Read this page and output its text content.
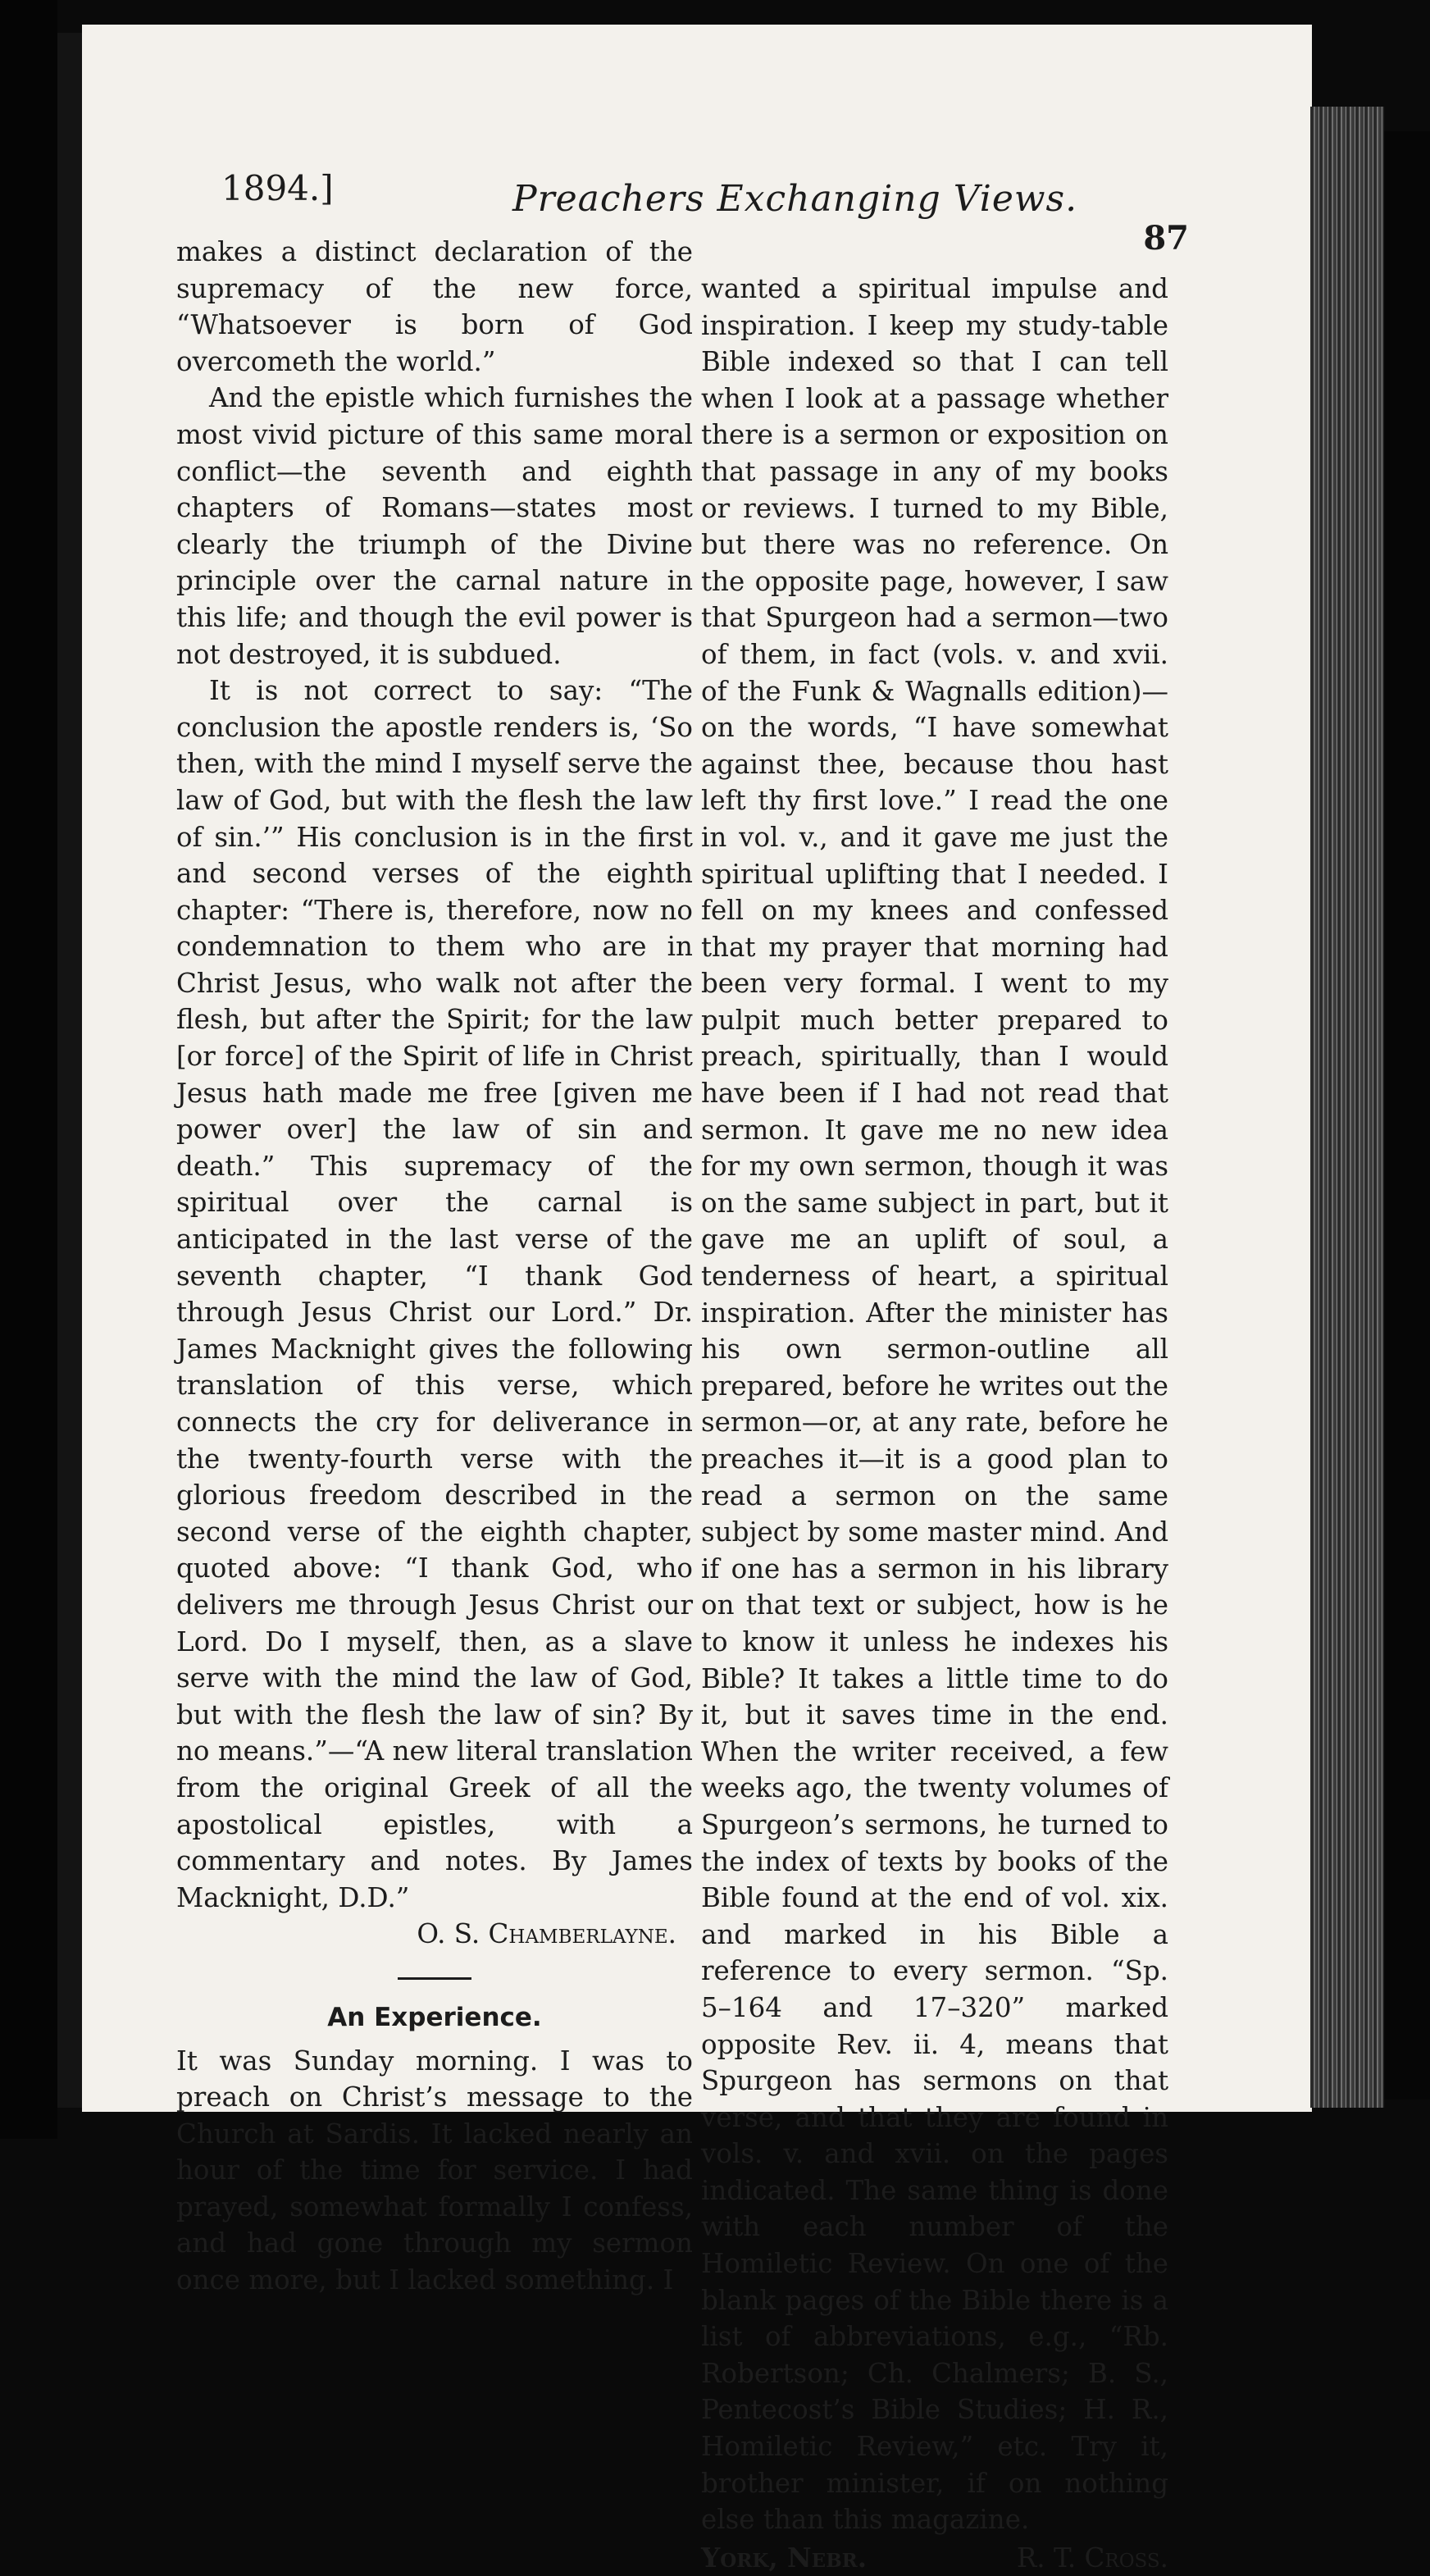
1894.]	Preachers Exchanging Views.
87

makes a distinct declaration of the supremacy of the new force, “Whatsoever is born of God overcometh the world.”

And the epistle which furnishes the most vivid picture of this same moral conflict—the seventh and eighth chapters of Romans—states most clearly the triumph of the Divine principle over the carnal nature in this life; and though the evil power is not destroyed, it is subdued.

It is not correct to say: “The conclusion the apostle renders is, ‘So then, with the mind I myself serve the law of God, but with the flesh the law of sin.’” His conclusion is in the first and second verses of the eighth chapter: “There is, therefore, now no condemnation to them who are in Christ Jesus, who walk not after the flesh, but after the Spirit; for the law [or force] of the Spirit of life in Christ Jesus hath made me free [given me power over] the law of sin and death.” This supremacy of the spiritual over the carnal is anticipated in the last verse of the seventh chapter, “I thank God through Jesus Christ our Lord.” Dr. James Macknight gives the following translation of this verse, which connects the cry for deliverance in the twenty-fourth verse with the glorious freedom described in the second verse of the eighth chapter, quoted above: “I thank God, who delivers me through Jesus Christ our Lord. Do I myself, then, as a slave serve with the mind the law of God, but with the flesh the law of sin? By no means.”—“A new literal translation from the original Greek of all the apostolical epistles, with a commentary and notes. By James Macknight, D.D.”

O. S. Chamberlayne.
An Experience.

It was Sunday morning. I was to preach on Christ’s message to the Church at Sardis. It lacked nearly an hour of the time for service. I had prayed, somewhat formally I confess, and had gone through my sermon once more, but I lacked something. I

wanted a spiritual impulse and inspiration. I keep my study-table Bible indexed so that I can tell when I look at a passage whether there is a sermon or exposition on that passage in any of my books or reviews. I turned to my Bible, but there was no reference. On the opposite page, however, I saw that Spurgeon had a sermon—two of them, in fact (vols. v. and xvii. of the Funk & Wagnalls edition)—on the words, “I have somewhat against thee, because thou hast left thy first love.” I read the one in vol. v., and it gave me just the spiritual uplifting that I needed. I fell on my knees and confessed that my prayer that morning had been very formal. I went to my pulpit much better prepared to preach, spiritually, than I would have been if I had not read that sermon. It gave me no new idea for my own sermon, though it was on the same subject in part, but it gave me an uplift of soul, a tenderness of heart, a spiritual inspiration. After the minister has his own sermon-outline all prepared, before he writes out the sermon—or, at any rate, before he preaches it—it is a good plan to read a sermon on the same subject by some master mind. And if one has a sermon in his library on that text or subject, how is he to know it unless he indexes his Bible? It takes a little time to do it, but it saves time in the end. When the writer received, a few weeks ago, the twenty volumes of Spurgeon’s sermons, he turned to the index of texts by books of the Bible found at the end of vol. xix. and marked in his Bible a reference to every sermon. “Sp. 5–164 and 17–320” marked opposite Rev. ii. 4, means that Spurgeon has sermons on that verse, and that they are found in vols. v. and xvii. on the pages indicated. The same thing is done with each number of the Homiletic Review. On one of the blank pages of the Bible there is a list of abbreviations, e.g., “Rb. Robertson; Ch. Chalmers; B. S., Pentecost’s Bible Studies; H. R., Homiletic Review,” etc. Try it, brother minister, if on nothing else than this magazine.

York, Nebr.	R. T. Cross.
